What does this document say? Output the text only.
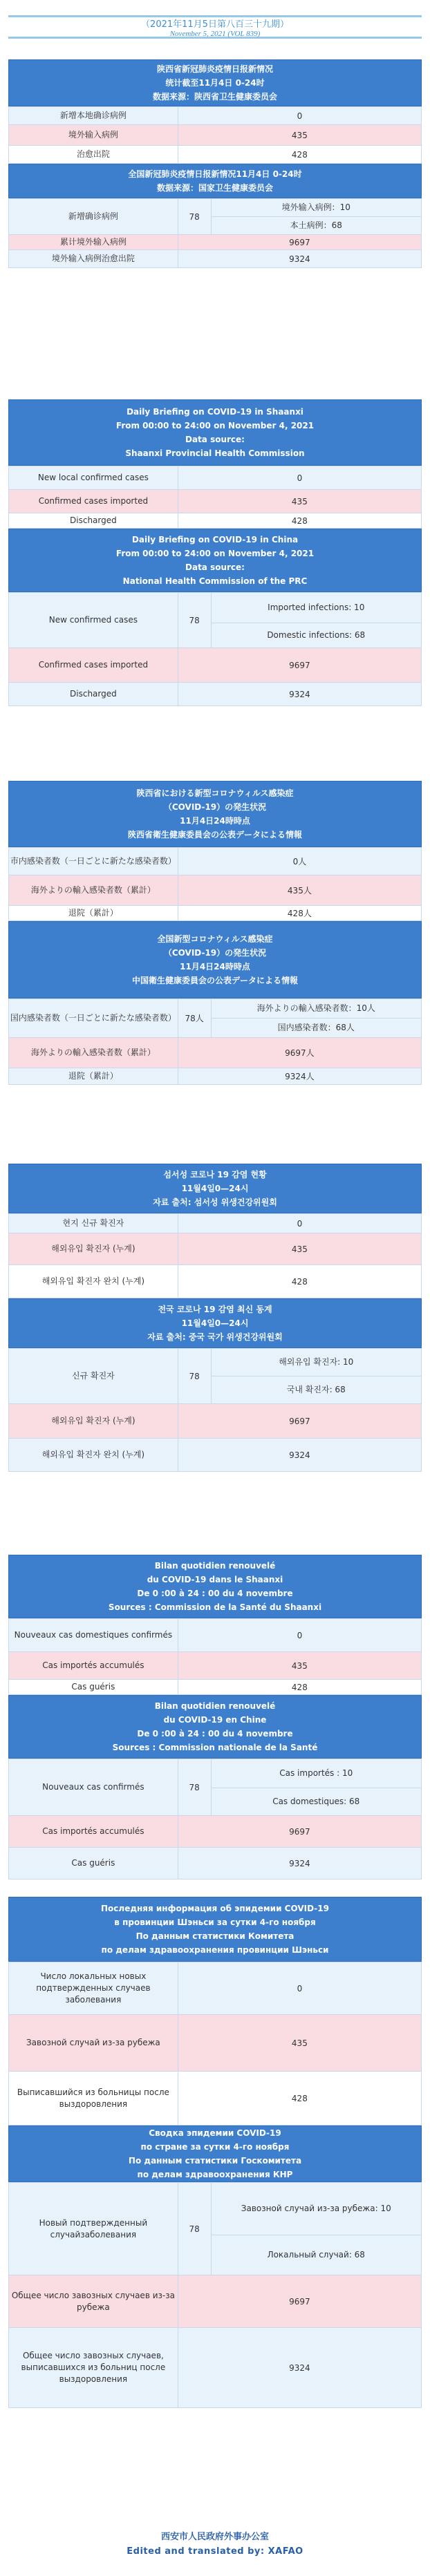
（2021年11月5日第八百三十九期）
November 5, 2021 (VOL 839)
陕西省新冠肺炎疫情日报新情况
统计截至11月4日 0-24时
数据来源：陕西省卫生健康委员会
新增本地确诊病例	0
境外输入病例	435
治愈出院	428
全国新冠肺炎疫情日报新情况11月4日 0-24时
数据来源：国家卫生健康委员会
新增确诊病例	78	境外输入病例：10
		本土病例：68
累计境外输入病例	9697	
境外输入病例治愈出院	9324	
Daily Briefing on COVID-19 in Shaanxi
From 00:00 to 24:00 on November 4, 2021
Data source:
Shaanxi Provincial Health Commission
New local confirmed cases	0
Confirmed cases imported	435
Discharged	428
Daily Briefing on COVID-19 in China
From 00:00 to 24:00 on November 4, 2021
Data source:
National Health Commission of the PRC
New confirmed cases	78	Imported infections: 10
		Domestic infections: 68
Confirmed cases imported	9697	
Discharged	9324	
陝西省における新型コロナウィルス感染症
（COVID-19）の発生状況
11月4日24時時点
陝西省衛生健康委員会の公表データによる情報
市内感染者数（一日ごとに新たな感染者数）	0人
海外よりの輸入感染者数（累計）	435人
退院（累計）	428人
全国新型コロナウィルス感染症
（COVID-19）の発生状況
11月4日24時時点
中国衛生健康委員会の公表データによる情報
国内感染者数（一日ごとに新たな感染者数）	78人	海外よりの輸入感染者数：10人
		国内感染者数：68人
海外よりの輸入感染者数（累計）	9697人	
退院（累計）	9324人	
섬서성 코로나 19 감염 현황
11월4일0—24시
자료 출처: 섬서성 위생건강위원회
현지 신규 확진자	0
해외유입 확진자 (누계)	435
해외유입 확진자 완치 (누계)	428
전국 코로나 19 감염 최신 동계
11월4일0—24시
자료 출처: 중국 국가 위생건강위원회
신규 확진자	78	해외유입 확진자: 10
		국내 확진자: 68
해외유입 확진자 (누계)	9697	
해외유입 확진자 완치 (누계)	9324	
Bilan quotidien renouvelé
du COVID-19 dans le Shaanxi
De 0 :00 à 24 : 00 du 4 novembre
Sources : Commission de la Santé du Shaanxi
Nouveaux cas domestiques confirmés	0
Cas importés accumulés	435
Cas guéris	428
Bilan quotidien renouvelé
du COVID-19 en Chine
De 0 :00 à 24 : 00 du 4 novembre
Sources : Commission nationale de la Santé
Nouveaux cas confirmés	78	Cas importés : 10
		Cas domestiques: 68
Cas importés accumulés	9697	
Cas guéris	9324	
Последняя информация об эпидемии COVID-19
в провинции Шэньси за сутки 4-го ноября
По данным статистики Комитета
по делам здравоохранения провинции Шэньси
Число локальных новых подтвержденных случаев заболевания	0
Завозной случай из-за рубежа	435
Выписавшийся из больницы после выздоровления	428
Сводка эпидемии COVID-19
по стране за сутки 4-го ноября
По данным статистики Госкомитета
по делам здравоохранения КНР
Новый подтвержденный случайзаболевания	78	Завозной случай из-за рубежа: 10
		Локальный случай: 68
Общее число завозных случаев из-за рубежа	9697	
Общее число завозных случаев, выписавшихся из больниц после выздоровления	9324	
西安市人民政府外事办公室
Edited and translated by: XAFAO
